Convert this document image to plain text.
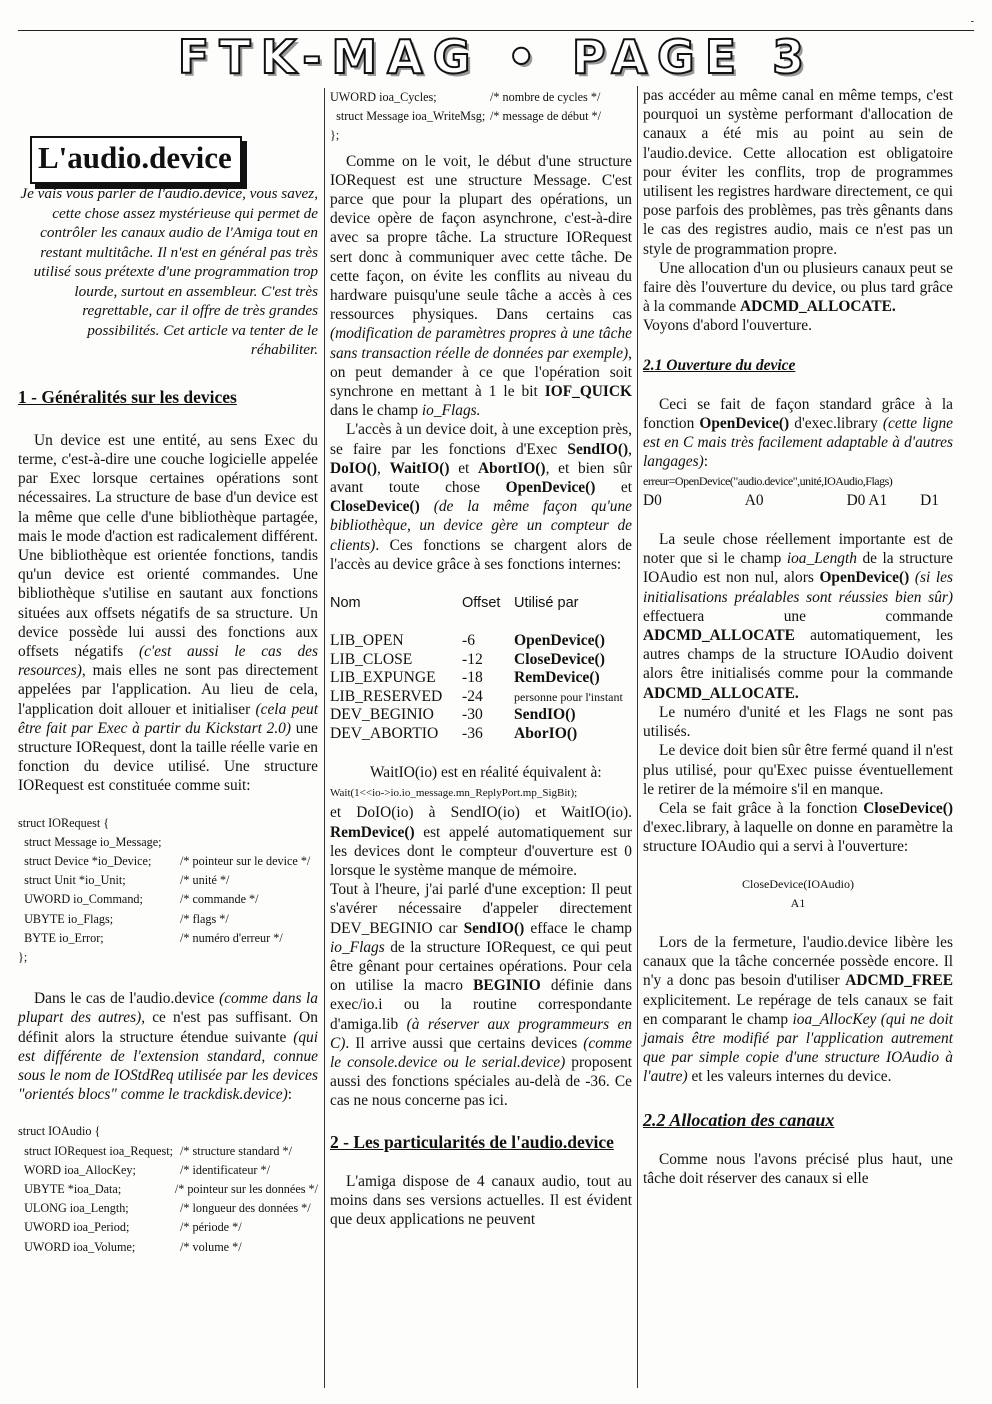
-
FTK-MAG • PAGE 3
L'audio.device

Je vais vous parler de l'audio.device, vous savez, cette chose assez mystérieuse qui permet de contrôler les canaux audio de l'Amiga tout en restant multitâche. Il n'est en général pas très utilisé sous prétexte d'une programmation trop lourde, surtout en assembleur. C'est très regrettable, car il offre de très grandes possibilités. Cet article va tenter de le réhabiliter.

1 - Généralités sur les devices

Un device est une entité, au sens Exec du terme, c'est-à-dire une couche logicielle appelée par Exec lorsque certaines opérations sont nécessaires. La structure de base d'un device est la même que celle d'une bibliothèque partagée, mais le mode d'action est radicalement différent. Une bibliothèque est orientée fonctions, tandis qu'un device est orienté commandes. Une bibliothèque s'utilise en sautant aux fonctions situées aux offsets négatifs de sa structure. Un device possède lui aussi des fonctions aux offsets négatifs (c'est aussi le cas des resources), mais elles ne sont pas directement appelées par l'application. Au lieu de cela, l'application doit allouer et initialiser (cela peut être fait par Exec à partir du Kickstart 2.0) une structure IORequest, dont la taille réelle varie en fonction du device utilisé. Une structure IORequest est constituée comme suit:

struct IORequest {
struct Message io_Message;
struct Device *io_Device;	/* pointeur sur le device */
struct Unit *io_Unit;	/* unité */
UWORD io_Command;	/* commande */
UBYTE io_Flags;	/* flags */
BYTE io_Error;	/* numéro d'erreur */
};

Dans le cas de l'audio.device (comme dans la plupart des autres), ce n'est pas suffisant. On définit alors la structure étendue suivante (qui est différente de l'extension standard, connue sous le nom de IOStdReq utilisée par les devices "orientés blocs" comme le trackdisk.device):

struct IOAudio {
struct IORequest ioa_Request; /* structure standard */
WORD ioa_AllocKey;	/* identificateur */
UBYTE *ioa_Data;	/* pointeur sur les données */
ULONG ioa_Length;	/* longueur des données */
UWORD ioa_Period;	/* période */
UWORD ioa_Volume;	/* volume */
UWORD ioa_Cycles;	/* nombre de cycles */
struct Message ioa_WriteMsg; /* message de début */
};

Comme on le voit, le début d'une structure IORequest est une structure Message. C'est parce que pour la plupart des opérations, un device opère de façon asynchrone, c'est-à-dire avec sa propre tâche. La structure IORequest sert donc à communiquer avec cette tâche. De cette façon, on évite les conflits au niveau du hardware puisqu'une seule tâche a accès à ces ressources physiques. Dans certains cas (modification de paramètres propres à une tâche sans transaction réelle de données par exemple), on peut demander à ce que l'opération soit synchrone en mettant à 1 le bit IOF_QUICK dans le champ io_Flags.

L'accès à un device doit, à une exception près, se faire par les fonctions d'Exec SendIO(), DoIO(), WaitIO() et AbortIO(), et bien sûr avant toute chose OpenDevice() et CloseDevice() (de la même façon qu'une bibliothèque, un device gère un compteur de clients). Ces fonctions se chargent alors de l'accès au device grâce à ses fonctions internes:

Nom	Offset	Utilisé par
LIB_OPEN	-6	OpenDevice()
LIB_CLOSE	-12	CloseDevice()
LIB_EXPUNGE	-18	RemDevice()
LIB_RESERVED	-24	personne pour l'instant
DEV_BEGINIO	-30	SendIO()
DEV_ABORTIO	-36	AborIO()

WaitIO(io) est en réalité équivalent à:
Wait(1<<io->io.io_message.mn_ReplyPort.mp_SigBit);
et DoIO(io) à SendIO(io) et WaitIO(io). RemDevice() est appelé automatiquement sur les devices dont le compteur d'ouverture est 0 lorsque le système manque de mémoire.

Tout à l'heure, j'ai parlé d'une exception: Il peut s'avérer nécessaire d'appeler directement DEV_BEGINIO car SendIO() efface le champ io_Flags de la structure IORequest, ce qui peut être gênant pour certaines opérations. Pour cela on utilise la macro BEGINIO définie dans exec/io.i ou la routine correspondante d'amiga.lib (à réserver aux programmeurs en C). Il arrive aussi que certains devices (comme le console.device ou le serial.device) proposent aussi des fonctions spéciales au-delà de -36. Ce cas ne nous concerne pas ici.

2 - Les particularités de l'audio.device

L'amiga dispose de 4 canaux audio, tout au moins dans ses versions actuelles. Il est évident que deux applications ne peuvent

pas accéder au même canal en même temps, c'est pourquoi un système performant d'allocation de canaux a été mis au point au sein de l'audio.device. Cette allocation est obligatoire pour éviter les conflits, trop de programmes utilisent les registres hardware directement, ce qui pose parfois des problèmes, pas très gênants dans le cas des registres audio, mais ce n'est pas un style de programmation propre.

Une allocation d'un ou plusieurs canaux peut se faire dès l'ouverture du device, ou plus tard grâce à la commande ADCMD_ALLOCATE.
Voyons d'abord l'ouverture.

2.1 Ouverture du device

Ceci se fait de façon standard grâce à la fonction OpenDevice() d'exec.library (cette ligne est en C mais très facilement adaptable à d'autres langages):

erreur=OpenDevice("audio.device",unité,IOAudio,Flags)
D0	A0	D0 A1 D1

La seule chose réellement importante est de noter que si le champ ioa_Length de la structure IOAudio est non nul, alors OpenDevice() (si les initialisations préalables sont réussies bien sûr) effectuera une commande ADCMD_ALLOCATE automatiquement, les autres champs de la structure IOAudio doivent alors être initialisés comme pour la commande ADCMD_ALLOCATE.

Le numéro d'unité et les Flags ne sont pas utilisés.

Le device doit bien sûr être fermé quand il n'est plus utilisé, pour qu'Exec puisse éventuellement le retirer de la mémoire s'il en manque.

Cela se fait grâce à la fonction CloseDevice() d'exec.library, à laquelle on donne en paramètre la structure IOAudio qui a servi à l'ouverture:

CloseDevice(IOAudio)
A1

Lors de la fermeture, l'audio.device libère les canaux que la tâche concernée possède encore. Il n'y a donc pas besoin d'utiliser ADCMD_FREE explicitement. Le repérage de tels canaux se fait en comparant le champ ioa_AllocKey (qui ne doit jamais être modifié par l'application autrement que par simple copie d'une structure IOAudio à l'autre) et les valeurs internes du device.

2.2 Allocation des canaux

Comme nous l'avons précisé plus haut, une tâche doit réserver des canaux si elle
